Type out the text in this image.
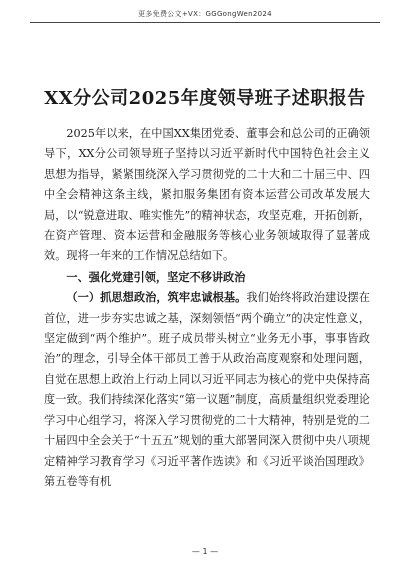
更多免费公文+VX：GGGongWen2024
XX分公司2025年度领导班子述职报告

2025年以来，在中国XX集团党委、董事会和总公司的正确领导下，XX分公司领导班子坚持以习近平新时代中国特色社会主义思想为指导，紧紧围绕深入学习贯彻党的二十大和二十届三中、四中全会精神这条主线，紧扣服务集团有资本运营公司改革发展大局，以“锐意进取、唯实惟先”的精神状态，攻坚克难，开拓创新，在资产管理、资本运营和金融服务等核心业务领域取得了显著成效。现将一年来的工作情况总结如下。

一、强化党建引领，坚定不移讲政治

（一）抓思想政治，筑牢忠诚根基。我们始终将政治建设摆在首位，进一步夯实忠诚之基，深刻领悟“两个确立”的决定性意义，坚定做到“两个维护”。班子成员带头树立“业务无小事，事事皆政治”的理念，引导全体干部员工善于从政治高度观察和处理问题，自觉在思想上政治上行动上同以习近平同志为核心的党中央保持高度一致。我们持续深化落实“第一议题”制度，高质量组织党委理论学习中心组学习，将深入学习贯彻党的二十大精神，特别是党的二十届四中全会关于“十五五”规划的重大部署同深入贯彻中央八项规定精神学习教育学习《习近平著作选读》和《习近平谈治国理政》第五卷等有机

— 1 —
